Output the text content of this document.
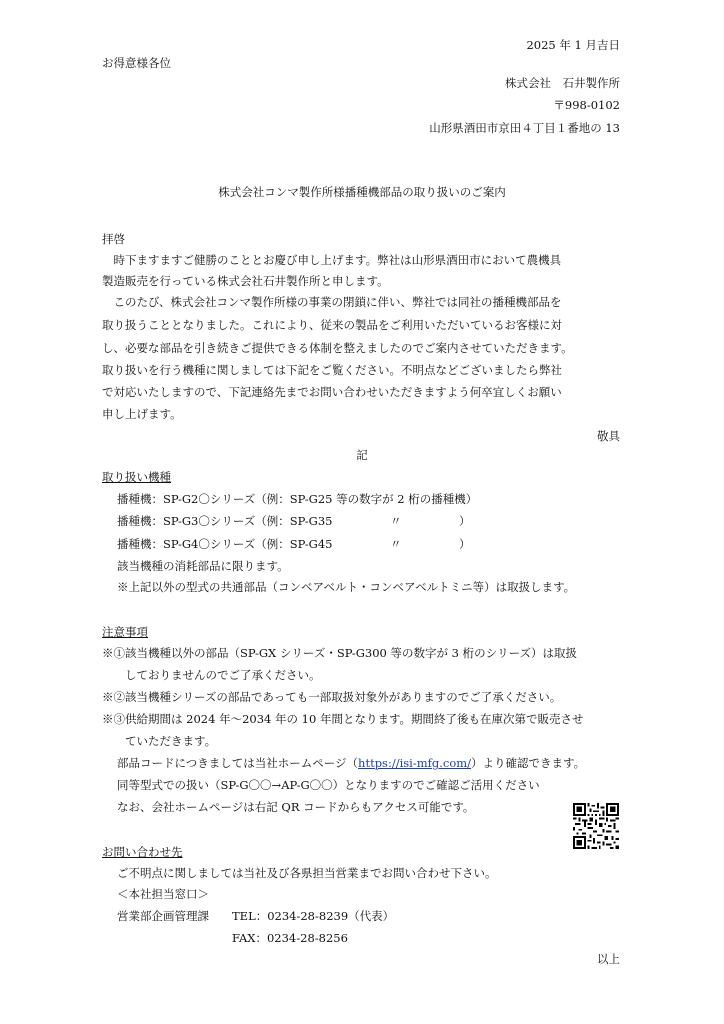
2025 年 1 月吉日
お得意様各位
株式会社　石井製作所
〒998-0102
山形県酒田市京田４丁目１番地の 13
株式会社コンマ製作所様播種機部品の取り扱いのご案内
拝啓
　時下ますますご健勝のこととお慶び申し上げます。弊社は山形県酒田市において農機具
製造販売を行っている株式会社石井製作所と申します。
　このたび、株式会社コンマ製作所様の事業の閉鎖に伴い、弊社では同社の播種機部品を
取り扱うこととなりました。これにより、従来の製品をご利用いただいているお客様に対
し、必要な部品を引き続きご提供できる体制を整えましたのでご案内させていただきます。
取り扱いを行う機種に関しましては下記をご覧ください。不明点などございましたら弊社
で対応いたしますので、下記連絡先までお問い合わせいただきますよう何卒宜しくお願い
申し上げます。
敬具
記
取り扱い機種
播種機：SP-G2〇シリーズ（例：SP-G25 等の数字が 2 桁の播種機）
播種機：SP-G3〇シリーズ（例：SP-G35　　　　　〃　　　　　）
播種機：SP-G4〇シリーズ（例：SP-G45　　　　　〃　　　　　）
該当機種の消耗部品に限ります。
※上記以外の型式の共通部品（コンベアベルト・コンベアベルトミニ等）は取扱します。
注意事項
※①該当機種以外の部品（SP-GX シリーズ・SP-G300 等の数字が 3 桁のシリーズ）は取扱
　　しておりませんのでご了承ください。
※②該当機種シリーズの部品であっても一部取扱対象外がありますのでご了承ください。
※③供給期間は 2024 年～2034 年の 10 年間となります。期間終了後も在庫次第で販売させ
　　ていただきます。
部品コードにつきましては当社ホームページ（https://isi-mfg.com/）より確認できます。
同等型式での扱い（SP-G〇〇→AP-G〇〇）となりますのでご確認ご活用ください
なお、会社ホームページは右記 QR コードからもアクセス可能です。
お問い合わせ先
ご不明点に関しましては当社及び各県担当営業までお問い合わせ下さい。
＜本社担当窓口＞
営業部企画管理課 TEL：0234-28-8239（代表）
FAX：0234-28-8256
以上
